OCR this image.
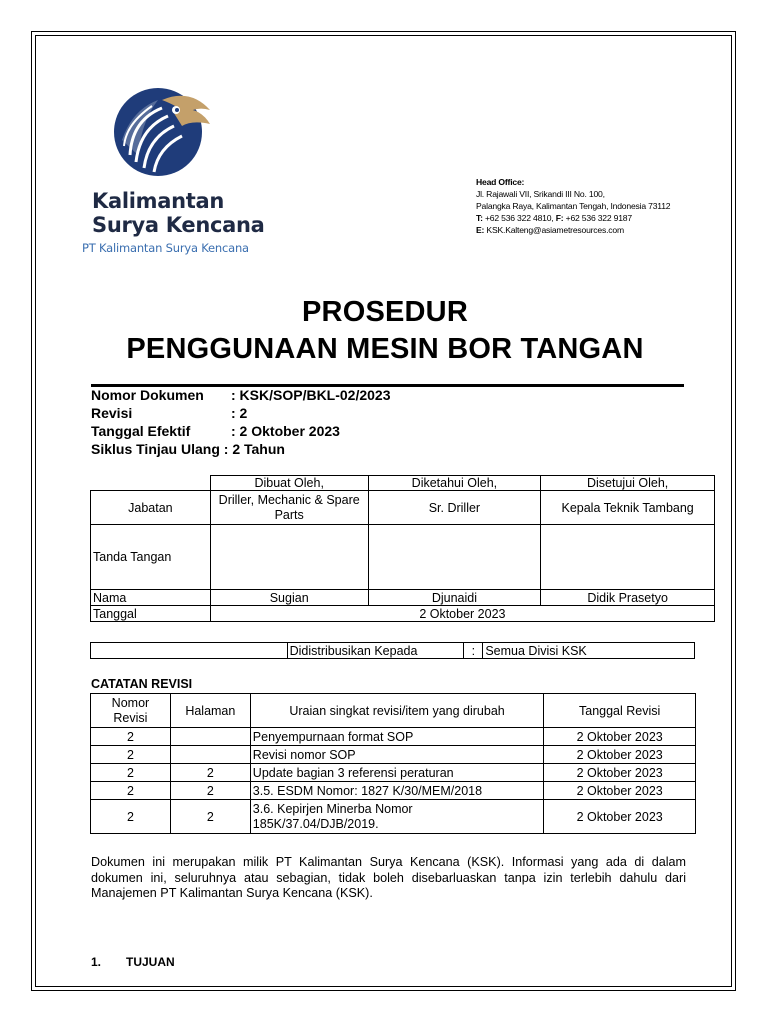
Kalimantan
Surya Kencana
PT Kalimantan Surya Kencana
Head Office:
Jl. Rajawali VII, Srikandi III No. 100,
Palangka Raya, Kalimantan Tengah, Indonesia 73112
T: +62 536 322 4810, F: +62 536 322 9187
E: KSK.Kalteng@asiametresources.com
PROSEDUR
PENGGUNAAN MESIN BOR TANGAN
Nomor Dokumen : KSK/SOP/BKL-02/2023
Revisi	: 2
Tanggal Efektif	: 2 Oktober 2023
Siklus Tinjau Ulang : 2 Tahun
	Dibuat Oleh,	Diketahui Oleh,	Disetujui Oleh,
Jabatan	Driller, Mechanic & Spare Parts	Sr. Driller	Kepala Teknik Tambang
Tanda Tangan			
Nama	Sugian	Djunaidi	Didik Prasetyo
Tanggal	2 Oktober 2023		
	Didistribusikan Kepada	:	Semua Divisi KSK
CATATAN REVISI
Nomor Revisi	Halaman	Uraian singkat revisi/item yang dirubah	Tanggal Revisi
2		Penyempurnaan format SOP	2 Oktober 2023
2		Revisi nomor SOP	2 Oktober 2023
2	2	Update bagian 3 referensi peraturan	2 Oktober 2023
2	2	3.5. ESDM Nomor: 1827 K/30/MEM/2018	2 Oktober 2023
2	2	3.6. Kepirjen Minerba Nomor 185K/37.04/DJB/2019.	2 Oktober 2023
Dokumen ini merupakan milik PT Kalimantan Surya Kencana (KSK). Informasi yang ada di dalam dokumen ini, seluruhnya atau sebagian, tidak boleh disebarluaskan tanpa izin terlebih dahulu dari Manajemen PT Kalimantan Surya Kencana (KSK).
1. TUJUAN
